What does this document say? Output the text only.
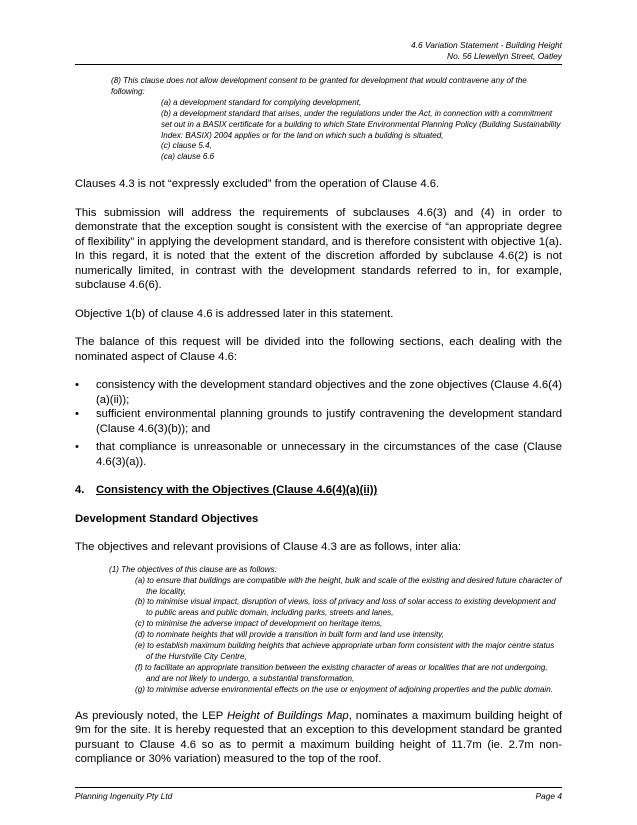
4.6 Variation Statement - Building Height
No. 56 Llewellyn Street, Oatley
(8) This clause does not allow development consent to be granted for development that would contravene any of the following:
(a) a development standard for complying development,
(b) a development standard that arises, under the regulations under the Act, in connection with a commitment set out in a BASIX certificate for a building to which State Environmental Planning Policy (Building Sustainability Index: BASIX) 2004 applies or for the land on which such a building is situated,
(c) clause 5.4,
(ca) clause 6.6

Clauses 4.3 is not “expressly excluded” from the operation of Clause 4.6.

This submission will address the requirements of subclauses 4.6(3) and (4) in order to demonstrate that the exception sought is consistent with the exercise of “an appropriate degree of flexibility” in applying the development standard, and is therefore consistent with objective 1(a). In this regard, it is noted that the extent of the discretion afforded by subclause 4.6(2) is not numerically limited, in contrast with the development standards referred to in, for example, subclause 4.6(6).

Objective 1(b) of clause 4.6 is addressed later in this statement.

The balance of this request will be divided into the following sections, each dealing with the nominated aspect of Clause 4.6:

• consistency with the development standard objectives and the zone objectives (Clause 4.6(4)(a)(ii));

• sufficient environmental planning grounds to justify contravening the development standard (Clause 4.6(3)(b)); and

• that compliance is unreasonable or unnecessary in the circumstances of the case (Clause 4.6(3)(a)).

4. Consistency with the Objectives (Clause 4.6(4)(a)(ii))

Development Standard Objectives

The objectives and relevant provisions of Clause 4.3 are as follows, inter alia:

(1) The objectives of this clause are as follows:
(a) to ensure that buildings are compatible with the height, bulk and scale of the existing and desired future character of the locality,
(b) to minimise visual impact, disruption of views, loss of privacy and loss of solar access to existing development and to public areas and public domain, including parks, streets and lanes,
(c) to minimise the adverse impact of development on heritage items,
(d) to nominate heights that will provide a transition in built form and land use intensity,
(e) to establish maximum building heights that achieve appropriate urban form consistent with the major centre status of the Hurstville City Centre,
(f) to facilitate an appropriate transition between the existing character of areas or localities that are not undergoing, and are not likely to undergo, a substantial transformation,
(g) to minimise adverse environmental effects on the use or enjoyment of adjoining properties and the public domain.

As previously noted, the LEP Height of Buildings Map, nominates a maximum building height of 9m for the site. It is hereby requested that an exception to this development standard be granted pursuant to Clause 4.6 so as to permit a maximum building height of 11.7m (ie. 2.7m non-compliance or 30% variation) measured to the top of the roof.

Planning Ingenuity Pty Ltd	Page 4
